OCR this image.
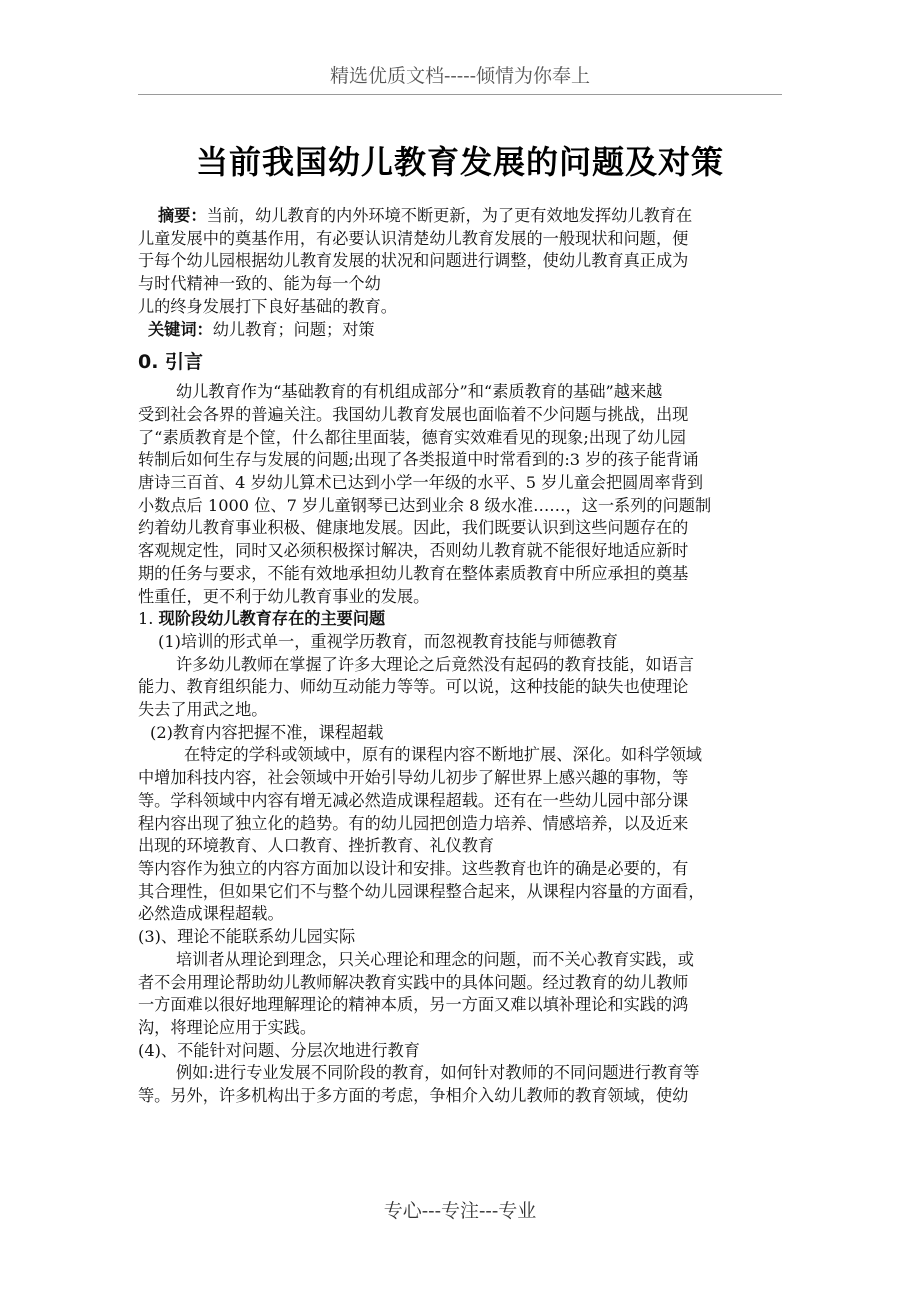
精选优质文档-----倾情为你奉上
当前我国幼儿教育发展的问题及对策

摘要：当前，幼儿教育的内外环境不断更新，为了更有效地发挥幼儿教育在

儿童发展中的奠基作用，有必要认识清楚幼儿教育发展的一般现状和问题，便

于每个幼儿园根据幼儿教育发展的状况和问题进行调整，使幼儿教育真正成为

与时代精神一致的、能为每一个幼

儿的终身发展打下良好基础的教育。

关键词：幼儿教育；问题；对策

0. 引言

幼儿教育作为“基础教育的有机组成部分”和“素质教育的基础”越来越

受到社会各界的普遍关注。我国幼儿教育发展也面临着不少问题与挑战，出现

了“素质教育是个筐，什么都往里面装，德育实效难看见的现象;出现了幼儿园

转制后如何生存与发展的问题;出现了各类报道中时常看到的:3 岁的孩子能背诵

唐诗三百首、4 岁幼儿算术已达到小学一年级的水平、5 岁儿童会把圆周率背到

小数点后 1000 位、7 岁儿童钢琴已达到业余 8 级水准……，这一系列的问题制

约着幼儿教育事业积极、健康地发展。因此，我们既要认识到这些问题存在的

客观规定性，同时又必须积极探讨解决，否则幼儿教育就不能很好地适应新时

期的任务与要求，不能有效地承担幼儿教育在整体素质教育中所应承担的奠基

性重任，更不利于幼儿教育事业的发展。

1. 现阶段幼儿教育存在的主要问题

(1)培训的形式单一，重视学历教育，而忽视教育技能与师德教育

许多幼儿教师在掌握了许多大理论之后竟然没有起码的教育技能，如语言

能力、教育组织能力、师幼互动能力等等。可以说，这种技能的缺失也使理论

失去了用武之地。

(2)教育内容把握不准，课程超载

在特定的学科或领域中，原有的课程内容不断地扩展、深化。如科学领域

中增加科技内容，社会领域中开始引导幼儿初步了解世界上感兴趣的事物，等

等。学科领域中内容有增无减必然造成课程超载。还有在一些幼儿园中部分课

程内容出现了独立化的趋势。有的幼儿园把创造力培养、情感培养，以及近来

出现的环境教育、人口教育、挫折教育、礼仪教育

等内容作为独立的内容方面加以设计和安排。这些教育也许的确是必要的，有

其合理性，但如果它们不与整个幼儿园课程整合起来，从课程内容量的方面看，

必然造成课程超载。

(3)、理论不能联系幼儿园实际

培训者从理论到理念，只关心理论和理念的问题，而不关心教育实践，或

者不会用理论帮助幼儿教师解决教育实践中的具体问题。经过教育的幼儿教师

一方面难以很好地理解理论的精神本质，另一方面又难以填补理论和实践的鸿

沟，将理论应用于实践。

(4)、不能针对问题、分层次地进行教育

例如:进行专业发展不同阶段的教育，如何针对教师的不同问题进行教育等

等。另外，许多机构出于多方面的考虑，争相介入幼儿教师的教育领域，使幼

专心---专注---专业
